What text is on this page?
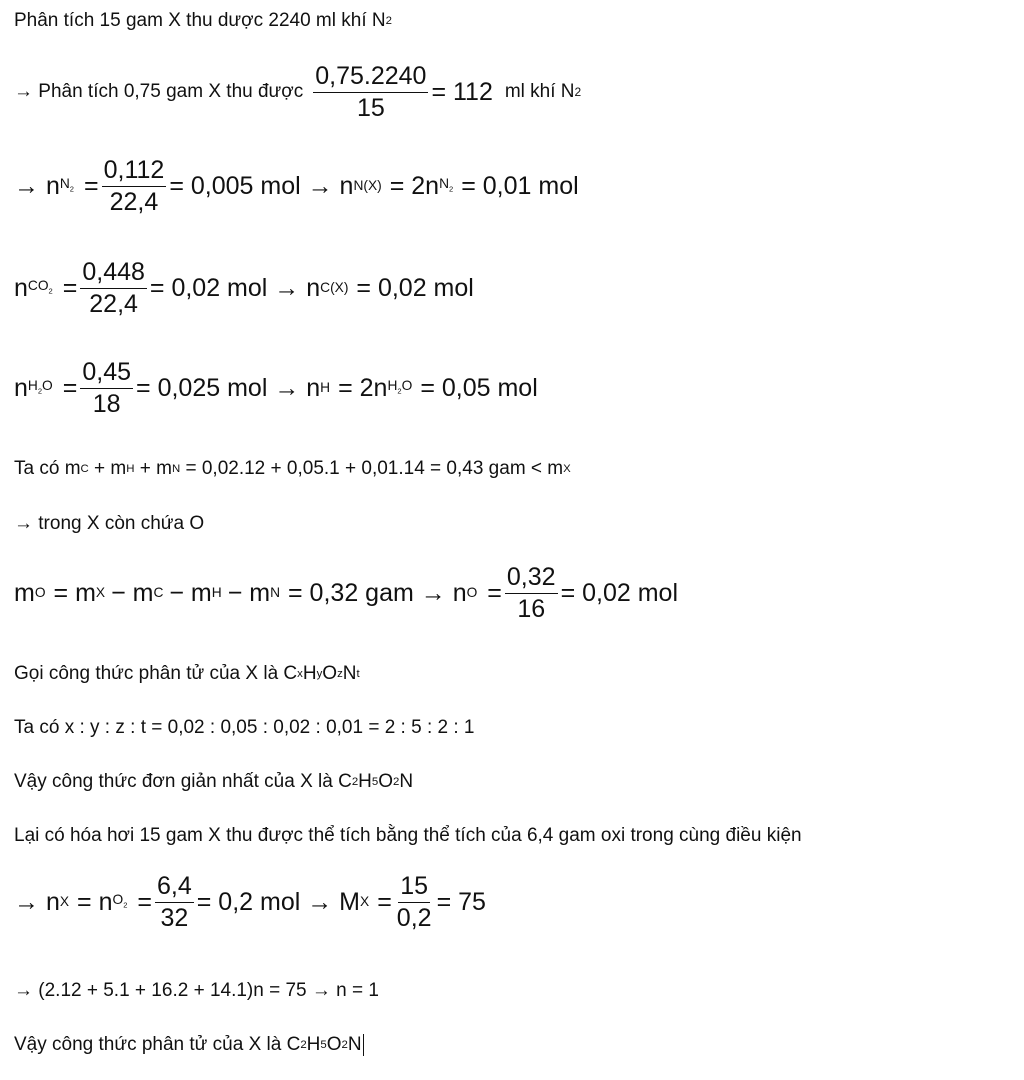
Phân tích 15 gam X thu dược 2240 ml khí N 2
→ Phân tích 0,75 gam X thu được $\frac{0,75.2240}{15} = 112$ ml khí N 2
→ n $N_2 = \frac{0,112}{22,4} = 0,005$ mol → n N(X) = 2n $N_2 = 0,01$ mol
n $CO_2 = \frac{0,448}{22,4} = 0,02$ mol → n C(X) = 0,02 mol
n $H_2O = \frac{0,45}{18} = 0,025$ mol → n H = 2n $H_2O = 0,05$ mol
Ta có m C + m H + m N = 0,02.12 + 0,05.1 + 0,01.14 = 0,43 gam < m X
→ trong X còn chứa O
m O = m X − m C − m H − m N = 0,32 gam → n $O = \frac{0,32}{16} = 0,02$ mol
Gọi công thức phân tử của X là C x H y O z N t
Ta có x : y : z : t = 0,02 : 0,05 : 0,02 : 0,01 = 2 : 5 : 2 : 1
Vậy công thức đơn giản nhất của X là C 2 H 5 O 2 N
Lại có hóa hơi 15 gam X thu được thể tích bằng thể tích của 6,4 gam oxi trong cùng điều kiện
→ n X = n $O_2 = \frac{6,4}{32} = 0,2$ mol → M $X = \frac{15}{0,2} = 75$
→ (2.12 + 5.1 + 16.2 + 14.1)n = 75 → n = 1
Vậy công thức phân tử của X là C 2 H 5 O 2 N
